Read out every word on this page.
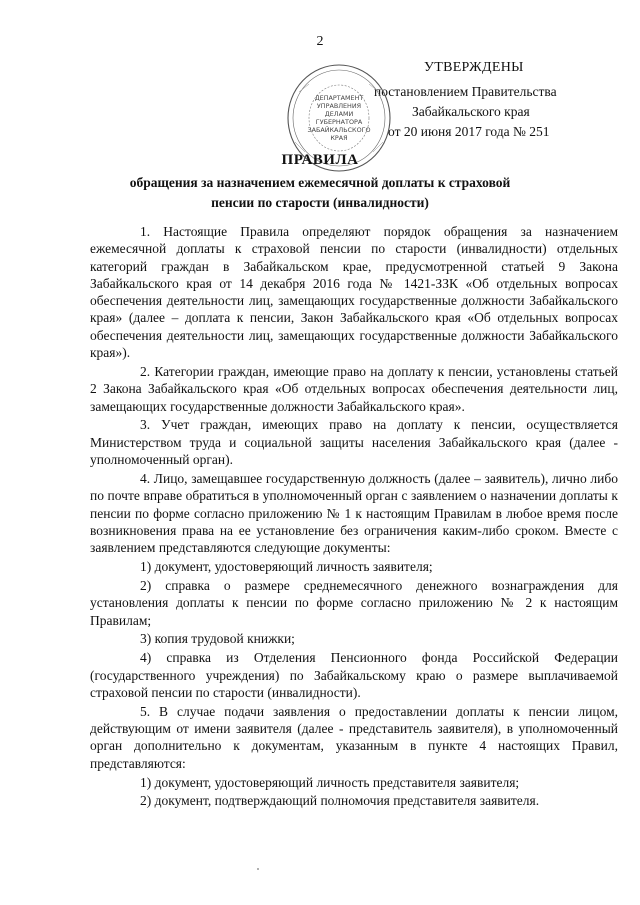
2
УТВЕРЖДЕНЫ
постановлением Правительства
Забайкальского края
от 20 июня 2017 года № 251
ДЕПАРТАМЕНТ
УПРАВЛЕНИЯ
ДЕЛАМИ
ГУБЕРНАТОРА
ЗАБАЙКАЛЬСКОГО
КРАЯ
ПРАВИЛА
обращения за назначением ежемесячной доплаты к страховой пенсии по старости (инвалидности)

1. Настоящие Правила определяют порядок обращения за назначением ежемесячной доплаты к страховой пенсии по старости (инвалидности) отдельных категорий граждан в Забайкальском крае, предусмотренной статьей 9 Закона Забайкальского края от 14 декабря 2016 года № 1421-ЗЗК «Об отдельных вопросах обеспечения деятельности лиц, замещающих государственные должности Забайкальского края» (далее – доплата к пенсии, Закон Забайкальского края «Об отдельных вопросах обеспечения деятельности лиц, замещающих государственные должности Забайкальского края»).

2. Категории граждан, имеющие право на доплату к пенсии, установлены статьей 2 Закона Забайкальского края «Об отдельных вопросах обеспечения деятельности лиц, замещающих государственные должности Забайкальского края».

3. Учет граждан, имеющих право на доплату к пенсии, осуществляется Министерством труда и социальной защиты населения Забайкальского края (далее - уполномоченный орган).

4. Лицо, замещавшее государственную должность (далее – заявитель), лично либо по почте вправе обратиться в уполномоченный орган с заявлением о назначении доплаты к пенсии по форме согласно приложению № 1 к настоящим Правилам в любое время после возникновения права на ее установление без ограничения каким-либо сроком. Вместе с заявлением представляются следующие документы:

1) документ, удостоверяющий личность заявителя;

2) справка о размере среднемесячного денежного вознаграждения для установления доплаты к пенсии по форме согласно приложению № 2 к настоящим Правилам;

3) копия трудовой книжки;

4) справка из Отделения Пенсионного фонда Российской Федерации (государственного учреждения) по Забайкальскому краю о размере выплачиваемой страховой пенсии по старости (инвалидности).

5. В случае подачи заявления о предоставлении доплаты к пенсии лицом, действующим от имени заявителя (далее - представитель заявителя), в уполномоченный орган дополнительно к документам, указанным в пункте 4 настоящих Правил, представляются:

1) документ, удостоверяющий личность представителя заявителя;

2) документ, подтверждающий полномочия представителя заявителя.
